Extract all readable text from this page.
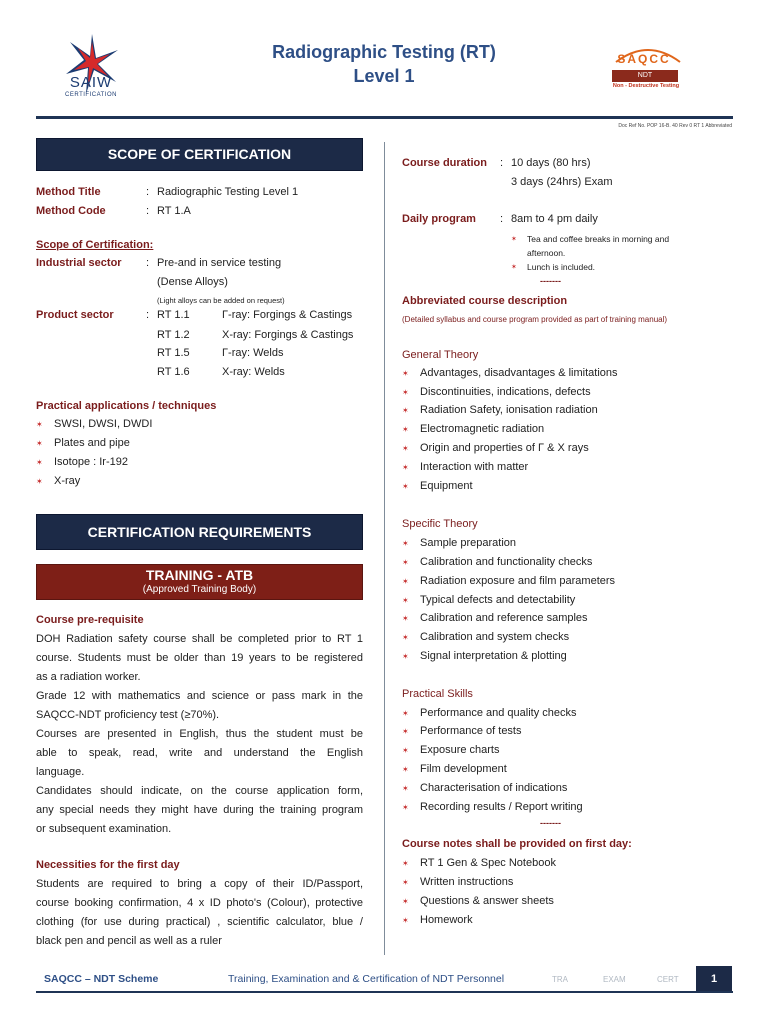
SAIW
CERTIFICATION
Radiographic Testing (RT)
Level 1
SAQCC
NDT
Non - Destructive Testing
Doc Ref No. POP 16-B. 40 Rev 0 RT 1 Abbreviated
SCOPE OF CERTIFICATION
Method Title	: Radiographic Testing Level 1
Method Code	: RT 1.A
Scope of Certification:
Industrial sector : Pre-and in service testing
(Dense Alloys)
(Light alloys can be added on request)
Product sector	: RT 1.1	Γ-ray: Forgings & Castings
RT 1.2	X-ray: Forgings & Castings
RT 1.5	Γ-ray: Welds
RT 1.6	X-ray: Welds
Practical applications / techniques
✶ SWSI, DWSI, DWDI
✶ Plates and pipe
✶ Isotope : Ir-192
✶ X-ray
CERTIFICATION REQUIREMENTS
TRAINING - ATB
(Approved Training Body)
Course pre-requisite
DOH Radiation safety course shall be completed prior to RT 1
course. Students must be older than 19 years to be registered
as a radiation worker.
Grade 12 with mathematics and science or pass mark in the
SAQCC-NDT proficiency test (≥70%).
Courses are presented in English, thus the student must be
able to speak, read, write and understand the English
language.
Candidates should indicate, on the course application form,
any special needs they might have during the training program
or subsequent examination.
Necessities for the first day
Students are required to bring a copy of their ID/Passport,
course booking confirmation, 4 x ID photo's (Colour), protective
clothing (for use during practical) , scientific calculator, blue /
black pen and pencil as well as a ruler
Course duration : 10 days (80 hrs)
3 days (24hrs) Exam
Daily program : 8am to 4 pm daily
✶ Tea and coffee breaks in morning and afternoon.
✶ Lunch is included.
-------
Abbreviated course description
(Detailed syllabus and course program provided as part of training manual)
General Theory
✶ Advantages, disadvantages & limitations
✶ Discontinuities, indications, defects
✶ Radiation Safety, ionisation radiation
✶ Electromagnetic radiation
✶ Origin and properties of Γ & X rays
✶ Interaction with matter
✶ Equipment
Specific Theory
✶ Sample preparation
✶ Calibration and functionality checks
✶ Radiation exposure and film parameters
✶ Typical defects and detectability
✶ Calibration and reference samples
✶ Calibration and system checks
✶ Signal interpretation & plotting
Practical Skills
✶ Performance and quality checks
✶ Performance of tests
✶ Exposure charts
✶ Film development
✶ Characterisation of indications
✶ Recording results / Report writing
-------
Course notes shall be provided on first day:
✶ RT 1 Gen & Spec Notebook
✶ Written instructions
✶ Questions & answer sheets
✶ Homework
SAQCC – NDT Scheme	Training, Examination and & Certification of NDT Personnel	TRA	EXAM	CERT	1
